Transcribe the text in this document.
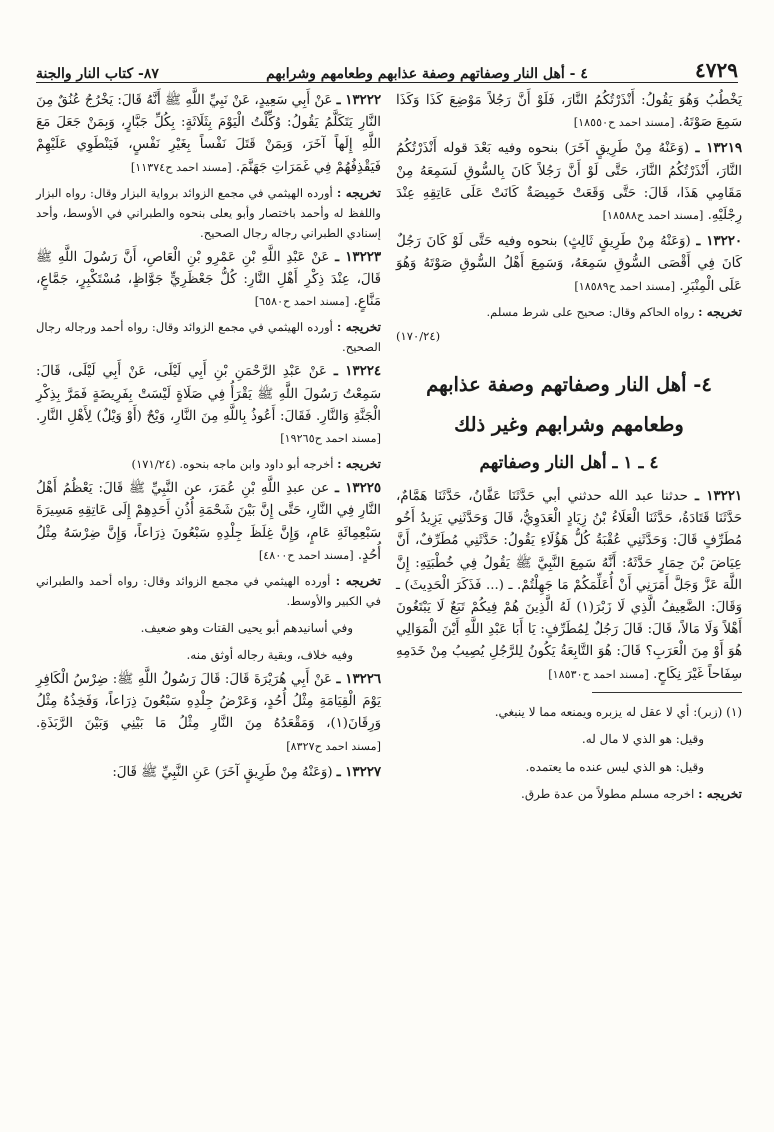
٤٧٢٩
٤ - أهل النار وصفاتهم وصفة عذابهم وطعامهم وشرابهم
٨٧- كتاب النار والجنة

يَخْطُبُ وَهُوَ يَقُولُ: أَنْذَرْتُكُمُ النَّارَ، فَلَوْ أَنَّ رَجُلاً مَوْضِعَ كَذَا وَكَذَا سَمِعَ صَوْتَهُ. [مسند احمد ح١٨٥٥٠]

١٣٢١٩ ـ (وَعَنْهُ مِنْ طَرِيقٍ آخَرَ) بنحوه وفيه بَعْدَ قوله أَنْذَرْتُكُمُ النَّارَ، أَنْذَرْتُكُمُ النَّارَ، حَتَّى لَوْ أَنَّ رَجُلاً كَانَ بِالسُّوقِ لَسَمِعَهُ مِنْ مَقَامِي هَذَا، قَالَ: حَتَّى وَقَعَتْ خَمِيصَةٌ كَانَتْ عَلَى عَاتِقِهِ عِنْدَ رِجْلَيْهِ. [مسند احمد ح١٨٥٨٨]

١٣٢٢٠ ـ (وَعَنْهُ مِنْ طَرِيقٍ ثَالِثٍ) بنحوه وفيه حَتَّى لَوْ كَانَ رَجُلٌ كَانَ فِي أَقْصَى السُّوقِ سَمِعَهُ، وَسَمِعَ أَهْلُ السُّوقِ صَوْتَهُ وَهُوَ عَلَى الْمِنْبَرِ. [مسند احمد ح١٨٥٨٩]

تخريجه : رواه الحاكم وقال: صحيح على شرط مسلم.

(١٧٠/٢٤)

٤- أهل النار وصفاتهم وصفة عذابهم
وطعامهم وشرابهم وغير ذلك
٤ ـ ١ ـ أهل النار وصفاتهم

١٣٢٢١ ـ حدثنا عبد الله حدثني أبي حَدَّثَنَا عَفَّانُ، حَدَّثَنَا هَمَّامٌ، حَدَّثَنَا قَتَادَةُ، حَدَّثَنَا الْعَلَاءُ بْنُ زِيَادٍ الْعَدَوِيُّ، قَالَ وَحَدَّثَنِي يَزِيدُ أَخُو مُطَرِّفٍ قَالَ: وَحَدَّثَنِي عُقْبَةُ كُلُّ هَؤُلَاءِ يَقُولُ: حَدَّثَنِي مُطَرِّفٌ، أَنَّ عِيَاضَ بْنَ حِمَارٍ حَدَّثَهُ: أَنَّهُ سَمِعَ النَّبِيَّ ﷺ يَقُولُ فِي خُطْبَتِهِ: إِنَّ اللَّهَ عَزَّ وَجَلَّ أَمَرَنِي أَنْ أُعَلِّمَكُمْ مَا جَهِلْتُمْ. ـ (... فَذَكَرَ الْحَدِيثَ) ـ وَقَالَ: الضَّعِيفُ الَّذِي لَا زَبْرَ(١) لَهُ الَّذِينَ هُمْ فِيكُمْ تَبَعٌ لَا يَبْتَغُونَ أَهْلاً وَلَا مَالاً، قَالَ: قَالَ رَجُلٌ لِمُطَرِّفٍ: يَا أَبَا عَبْدِ اللَّهِ أَيْنَ الْمَوَالِي هُوَ أَوْ مِنَ الْعَرَبِ؟ قَالَ: هُوَ التَّابِعَةُ يَكُونُ لِلرَّجُلِ يُصِيبُ مِنْ خَدَمِهِ سِفَاحاً غَيْرَ نِكَاحٍ. [مسند احمد ح١٨٥٣٠]

(١) (زبر): أي لا عقل له يزبره ويمنعه مما لا ينبغي.
وقيل: هو الذي لا مال له.
وقيل: هو الذي ليس عنده ما يعتمده.
تخريجه : اخرجه مسلم مطولاً من عدة طرق.

١٣٢٢٢ ـ عَنْ أَبِي سَعِيدٍ، عَنْ نَبِيِّ اللَّهِ ﷺ أَنَّهُ قَالَ: يَخْرُجُ عُنُقٌ مِنَ النَّارِ يَتَكَلَّمُ يَقُولُ: وُكِّلْتُ الْيَوْمَ بِثَلَاثَةٍ: بِكُلِّ جَبَّارٍ، وَبِمَنْ جَعَلَ مَعَ اللَّهِ إِلَهاً آخَرَ، وَبِمَنْ قَتَلَ نَفْساً بِغَيْرِ نَفْسٍ، فَيَنْطَوِي عَلَيْهِمْ فَيَقْذِفُهُمْ فِي غَمَرَاتِ جَهَنَّمَ. [مسند احمد ح١١٣٧٤]

تخريجه : أورده الهيثمي في مجمع الزوائد برواية البزار وقال: رواه البزار واللفظ له وأحمد باختصار وأبو يعلى بنحوه والطبراني في الأوسط، وأحد إسنادي الطبراني رجاله رجال الصحيح.

١٣٢٢٣ ـ عَنْ عَبْدِ اللَّهِ بْنِ عَمْرِو بْنِ الْعَاصِ، أَنَّ رَسُولَ اللَّهِ ﷺ قَالَ، عِنْدَ ذِكْرِ أَهْلِ النَّارِ: كُلُّ جَعْظَرِيٍّ جَوَّاظٍ، مُسْتَكْبِرٍ، جَمَّاعٍ، مَنَّاعٍ. [مسند احمد ح٦٥٨٠]

تخريجه : أورده الهيثمي في مجمع الزوائد وقال: رواه أحمد ورجاله رجال الصحيح.

١٣٢٢٤ ـ عَنْ عَبْدِ الرَّحْمَنِ بْنِ أَبِي لَيْلَى، عَنْ أَبِي لَيْلَى، قَالَ: سَمِعْتُ رَسُولَ اللَّهِ ﷺ يَقْرَأُ فِي صَلَاةٍ لَيْسَتْ بِفَرِيضَةٍ فَمَرَّ بِذِكْرِ الْجَنَّةِ وَالنَّارِ. فَقَالَ: أَعُوذُ بِاللَّهِ مِنَ النَّارِ، وَيْحٌ (أَوْ وَيْلٌ) لِأَهْلِ النَّارِ. [مسند احمد ح١٩٢٦٥]

تخريجه : أخرجه أبو داود وابن ماجه بنحوه. (١٧١/٢٤)

١٣٢٢٥ ـ عن عبدِ اللَّهِ بْنِ عُمَرَ، عن النَّبِيِّ ﷺ قَالَ: يَعْظُمُ أَهْلُ النَّارِ فِي النَّارِ، حَتَّى إِنَّ بَيْنَ شَحْمَةِ أُذُنِ أَحَدِهِمْ إِلَى عَاتِقِهِ مَسِيرَةَ سَبْعِمِائَةِ عَامٍ، وَإِنَّ غِلَظَ جِلْدِهِ سَبْعُونَ ذِرَاعاً، وَإِنَّ ضِرْسَهُ مِثْلُ أُحُدٍ. [مسند احمد ح٤٨٠٠]

تخريجه : أورده الهيثمي في مجمع الزوائد وقال: رواه أحمد والطبراني في الكبير والأوسط.

وفي أسانيدهم أبو يحيى القتات وهو ضعيف.
وفيه خلاف، وبقية رجاله أوثق منه.

١٣٢٢٦ ـ عَنْ أَبِي هُرَيْرَةَ قَالَ: قَالَ رَسُولُ اللَّهِ ﷺ: ضِرْسُ الْكَافِرِ يَوْمَ الْقِيَامَةِ مِثْلُ أُحُدٍ، وَعَرْضُ جِلْدِهِ سَبْعُونَ ذِرَاعاً، وَفَخِذُهُ مِثْلُ وَرِقَانَ(١)، وَمَقْعَدُهُ مِنَ النَّارِ مِثْلُ مَا بَيْنِي وَبَيْنَ الرَّبَذَةِ. [مسند احمد ح٨٣٢٧]

١٣٢٢٧ ـ (وَعَنْهُ مِنْ طَرِيقٍ آخَرَ) عَنِ النَّبِيِّ ﷺ قَالَ:
